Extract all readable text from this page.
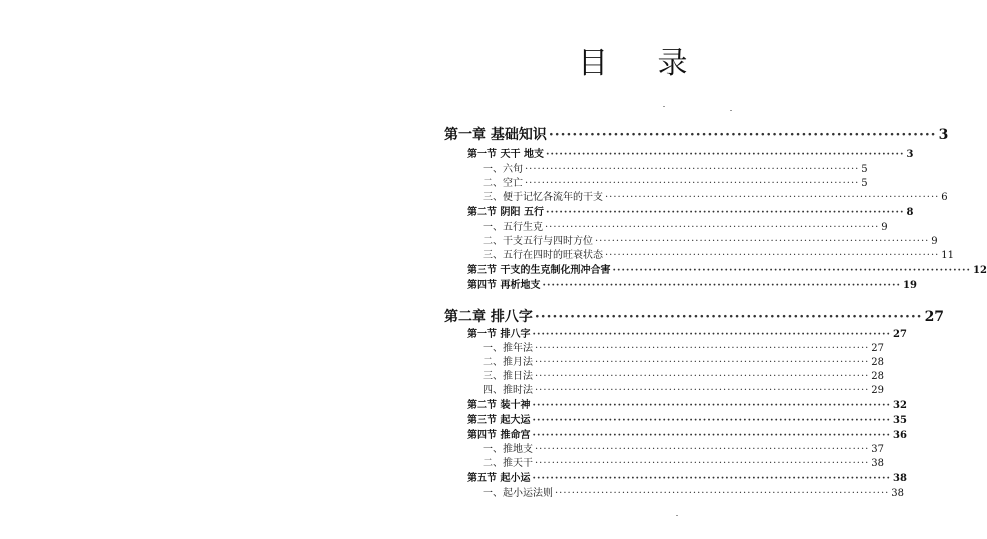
目 录
第一章 基础知识 ·································································· 3
第一节 天干 地支 ················································································ 3
一、六旬 ················································································ 5
二、空亡 ················································································ 5
三、便于记忆各流年的干支 ················································································ 6
第二节 阴阳 五行 ················································································ 8
一、五行生克 ················································································ 9
二、干支五行与四时方位 ················································································ 9
三、五行在四时的旺衰状态 ················································································ 11
第三节 干支的生克制化刑冲合害 ················································································ 12
第四节 再析地支 ················································································ 19
第二章 排八字 ·································································· 27
第一节 排八字 ················································································ 27
一、推年法 ················································································ 27
二、推月法 ················································································ 28
三、推日法 ················································································ 28
四、推时法 ················································································ 29
第二节 装十神 ················································································ 32
第三节 起大运 ················································································ 35
第四节 推命宫 ················································································ 36
一、推地支 ················································································ 37
二、推天干 ················································································ 38
第五节 起小运 ················································································ 38
一、起小运法则 ················································································ 38
